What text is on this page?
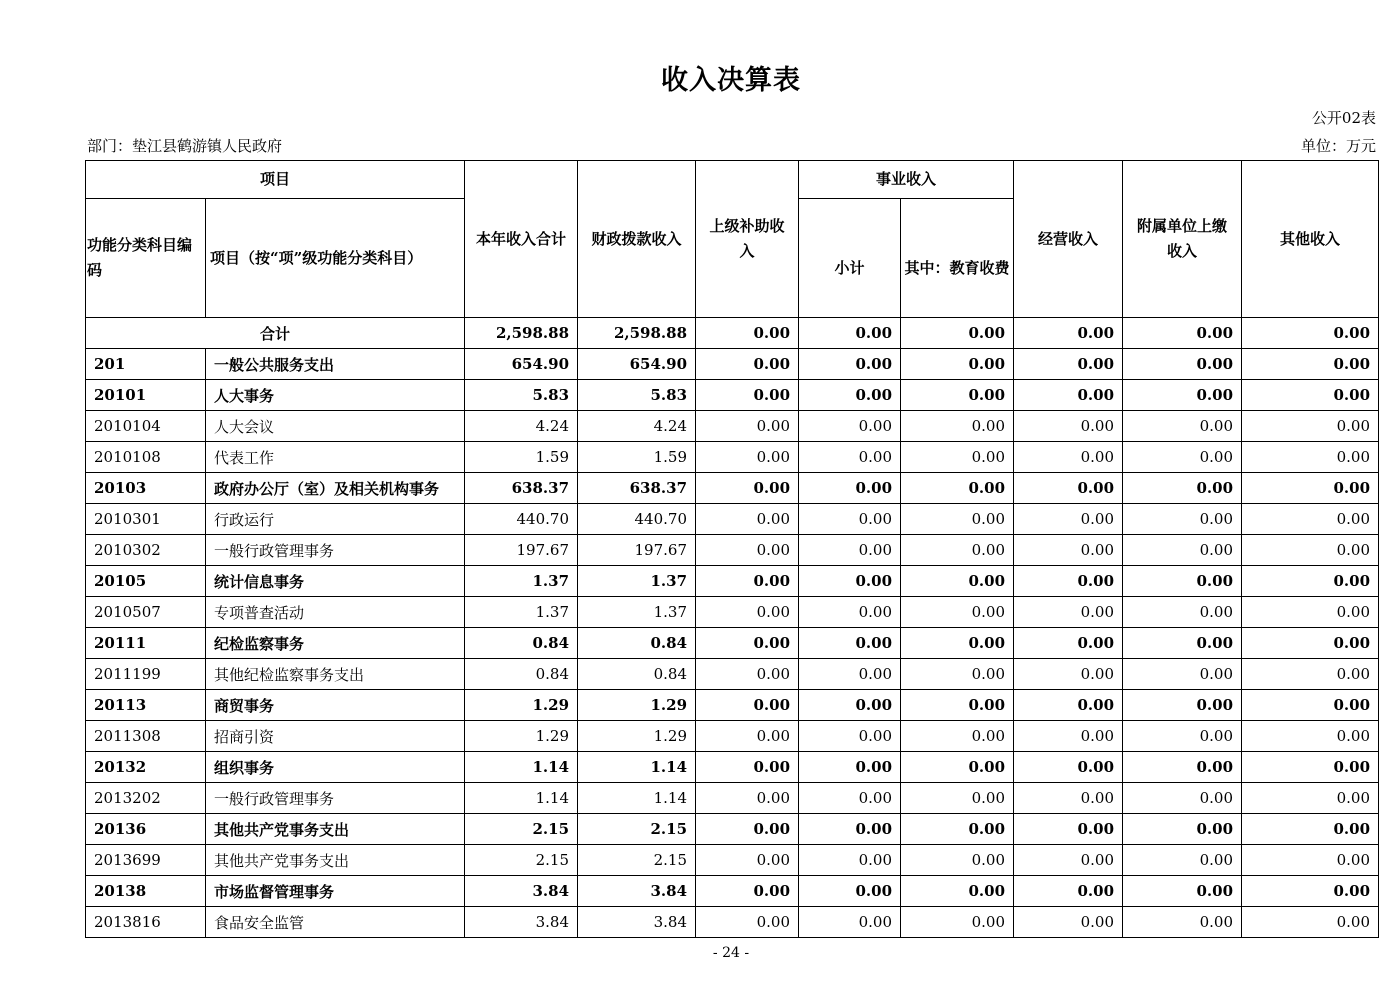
收入决算表
公开02表
部门：垫江县鹤游镇人民政府	单位：万元
项目		本年收入合计	财政拨款收入	上级补助收入	事业收入		经营收入	附属单位上缴收入	其他收入
功能分类科目编码	项目（按“项”级功能分类科目）				小计	其中：教育收费			
合计		2,598.88	2,598.88	0.00	0.00	0.00	0.00	0.00	0.00
201	一般公共服务支出	654.90	654.90	0.00	0.00	0.00	0.00	0.00	0.00
20101	人大事务	5.83	5.83	0.00	0.00	0.00	0.00	0.00	0.00
2010104	人大会议	4.24	4.24	0.00	0.00	0.00	0.00	0.00	0.00
2010108	代表工作	1.59	1.59	0.00	0.00	0.00	0.00	0.00	0.00
20103	政府办公厅（室）及相关机构事务	638.37	638.37	0.00	0.00	0.00	0.00	0.00	0.00
2010301	行政运行	440.70	440.70	0.00	0.00	0.00	0.00	0.00	0.00
2010302	一般行政管理事务	197.67	197.67	0.00	0.00	0.00	0.00	0.00	0.00
20105	统计信息事务	1.37	1.37	0.00	0.00	0.00	0.00	0.00	0.00
2010507	专项普查活动	1.37	1.37	0.00	0.00	0.00	0.00	0.00	0.00
20111	纪检监察事务	0.84	0.84	0.00	0.00	0.00	0.00	0.00	0.00
2011199	其他纪检监察事务支出	0.84	0.84	0.00	0.00	0.00	0.00	0.00	0.00
20113	商贸事务	1.29	1.29	0.00	0.00	0.00	0.00	0.00	0.00
2011308	招商引资	1.29	1.29	0.00	0.00	0.00	0.00	0.00	0.00
20132	组织事务	1.14	1.14	0.00	0.00	0.00	0.00	0.00	0.00
2013202	一般行政管理事务	1.14	1.14	0.00	0.00	0.00	0.00	0.00	0.00
20136	其他共产党事务支出	2.15	2.15	0.00	0.00	0.00	0.00	0.00	0.00
2013699	其他共产党事务支出	2.15	2.15	0.00	0.00	0.00	0.00	0.00	0.00
20138	市场监督管理事务	3.84	3.84	0.00	0.00	0.00	0.00	0.00	0.00
2013816	食品安全监管	3.84	3.84	0.00	0.00	0.00	0.00	0.00	0.00
- 24 -
